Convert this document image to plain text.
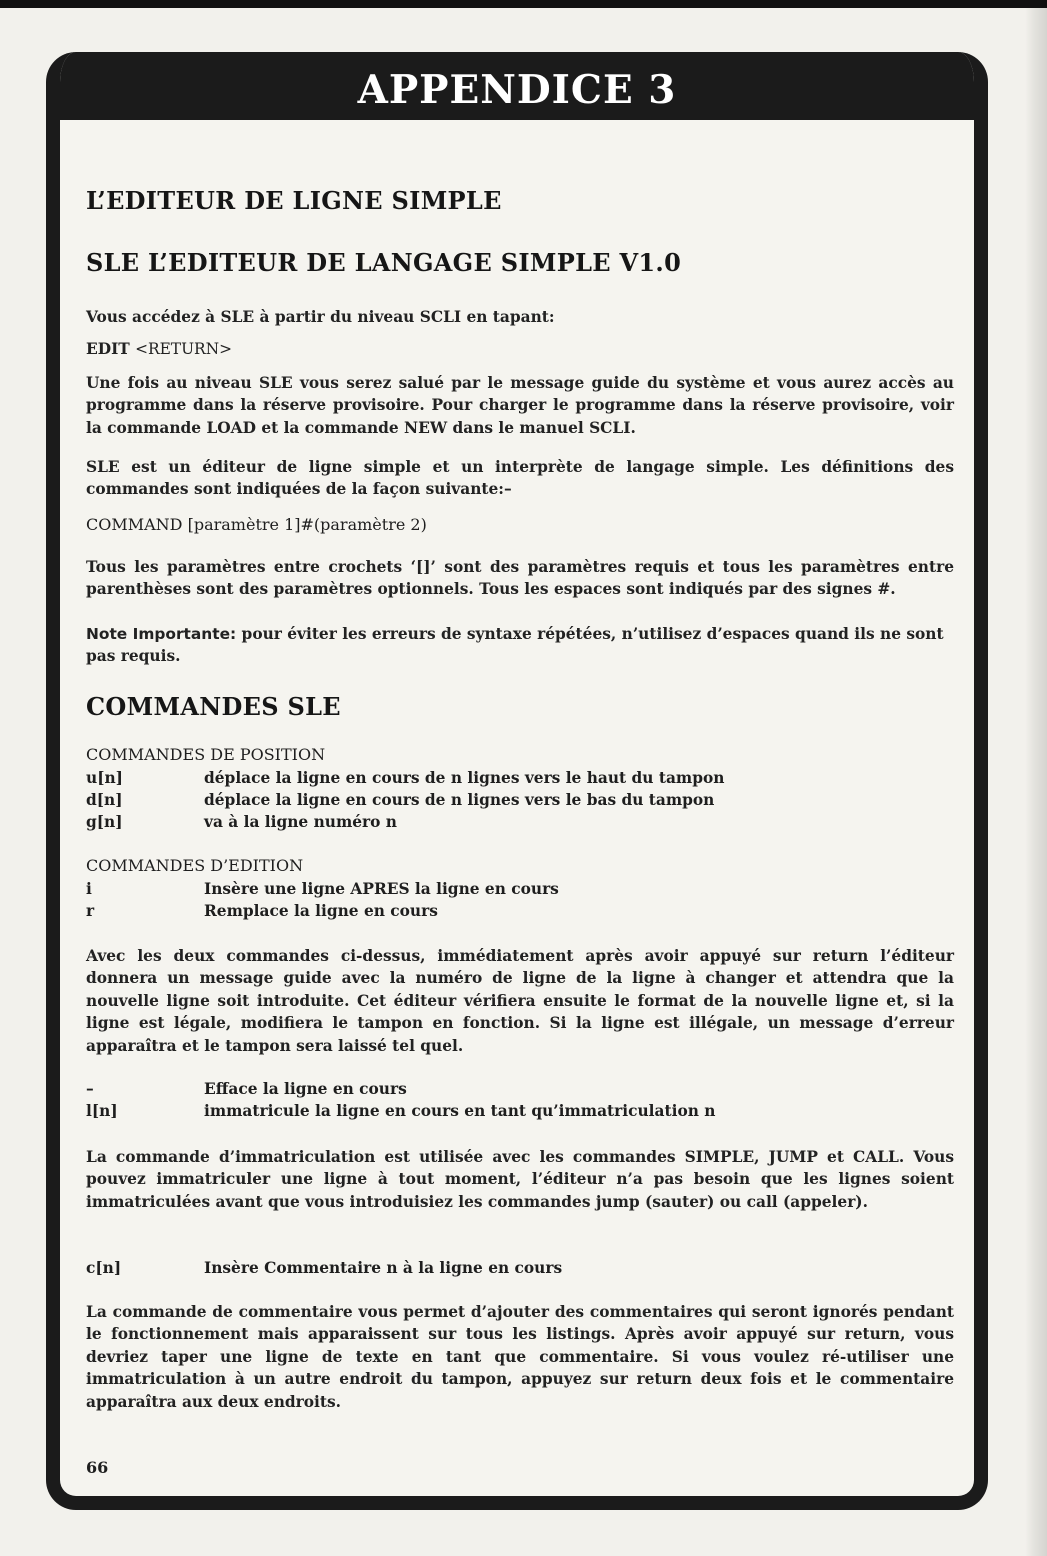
APPENDICE 3
L’EDITEUR DE LIGNE SIMPLE
SLE L’EDITEUR DE LANGAGE SIMPLE V1.0
Vous accédez à SLE à partir du niveau SCLI en tapant:
EDIT <RETURN>
Une fois au niveau SLE vous serez salué par le message guide du système et vous aurez accès au programme dans la réserve provisoire. Pour charger le programme dans la réserve provisoire, voir la commande LOAD et la commande NEW dans le manuel SCLI.
SLE est un éditeur de ligne simple et un interprète de langage simple. Les définitions des commandes sont indiquées de la façon suivante:–
COMMAND [paramètre 1]#(paramètre 2)
Tous les paramètres entre crochets ‘[]’ sont des paramètres requis et tous les paramètres entre parenthèses sont des paramètres optionnels. Tous les espaces sont indiqués par des signes #.
Note Importante: pour éviter les erreurs de syntaxe répétées, n’utilisez d’espaces quand ils ne sont pas requis.
COMMANDES SLE
COMMANDES DE POSITION
u[n]	déplace la ligne en cours de n lignes vers le haut du tampon
d[n]	déplace la ligne en cours de n lignes vers le bas du tampon
g[n]	va à la ligne numéro n
COMMANDES D’EDITION
i	Insère une ligne APRES la ligne en cours
r	Remplace la ligne en cours
Avec les deux commandes ci-dessus, immédiatement après avoir appuyé sur return l’éditeur donnera un message guide avec la numéro de ligne de la ligne à changer et attendra que la nouvelle ligne soit introduite. Cet éditeur vérifiera ensuite le format de la nouvelle ligne et, si la ligne est légale, modifiera le tampon en fonction. Si la ligne est illégale, un message d’erreur apparaîtra et le tampon sera laissé tel quel.
–	Efface la ligne en cours
l[n]	immatricule la ligne en cours en tant qu’immatriculation n
La commande d’immatriculation est utilisée avec les commandes SIMPLE, JUMP et CALL. Vous pouvez immatriculer une ligne à tout moment, l’éditeur n’a pas besoin que les lignes soient immatriculées avant que vous introduisiez les commandes jump (sauter) ou call (appeler).
c[n]	Insère Commentaire n à la ligne en cours
La commande de commentaire vous permet d’ajouter des commentaires qui seront ignorés pendant le fonctionnement mais apparaissent sur tous les listings. Après avoir appuyé sur return, vous devriez taper une ligne de texte en tant que commentaire. Si vous voulez ré-utiliser une immatriculation à un autre endroit du tampon, appuyez sur return deux fois et le commentaire apparaîtra aux deux endroits.
66
